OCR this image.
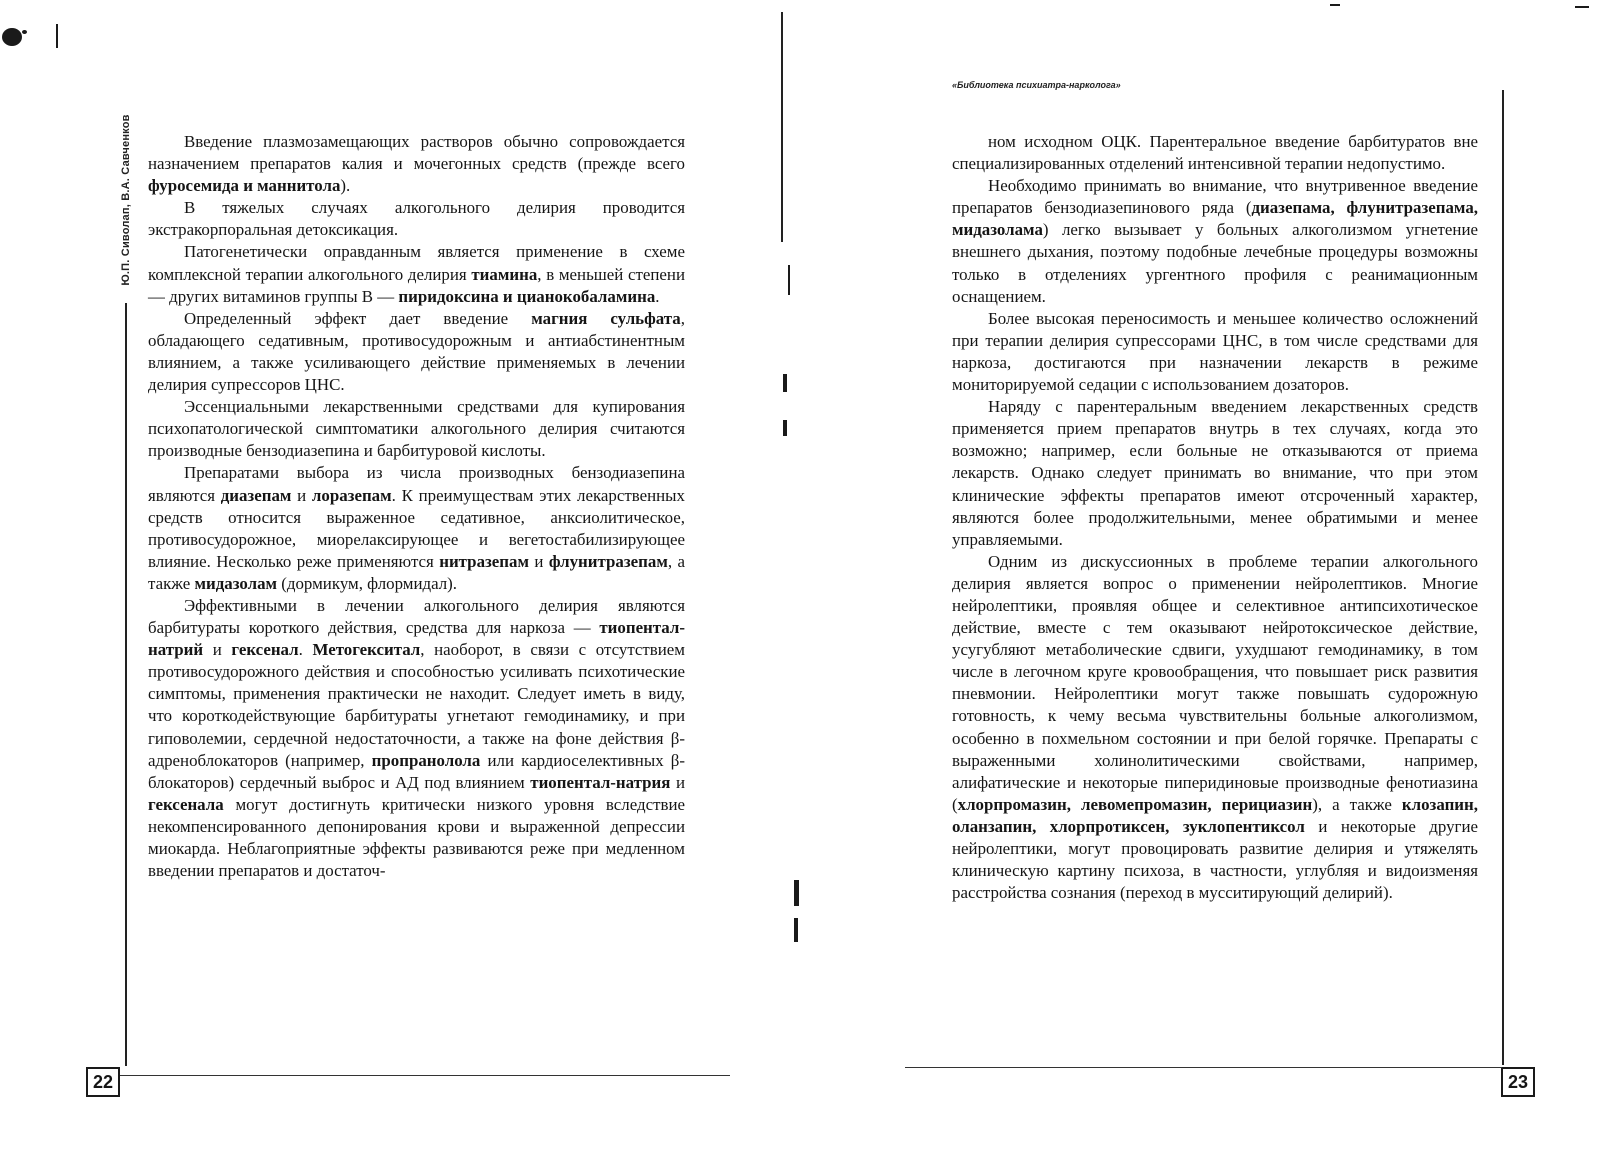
Ю.П. Сиволап, В.А. Савченков	Введение плазмозамещающих растворов обычно сопровождается назначением препаратов калия и мочегонных средств (прежде всего фуросемида и маннитола).

В тяжелых случаях алкогольного делирия проводится экстракорпоральная детоксикация.

Патогенетически оправданным является применение в схеме комплексной терапии алкогольного делирия тиамина, в меньшей степени — других витаминов группы В — пиридоксина и цианокобаламина.

Определенный эффект дает введение магния сульфата, обладающего седативным, противосудорожным и антиабстинентным влиянием, а также усиливающего действие применяемых в лечении делирия супрессоров ЦНС.

Эссенциальными лекарственными средствами для купирования психопатологической симптоматики алкогольного делирия считаются производные бензодиазепина и барбитуровой кислоты.

Препаратами выбора из числа производных бензодиазепина являются диазепам и лоразепам. К преимуществам этих лекарственных средств относится выраженное седативное, анксиолитическое, противосудорожное, миорелаксирующее и вегетостабилизирующее влияние. Несколько реже применяются нитразепам и флунитразепам, а также мидазолам (дормикум, флормидал).

Эффективными в лечении алкогольного делирия являются барбитураты короткого действия, средства для наркоза — тиопентал-натрий и гексенал. Метогекситал, наоборот, в связи с отсутствием противосудорожного действия и способностью усиливать психотические симптомы, применения практически не находит. Следует иметь в виду, что короткодействующие барбитураты угнетают гемодинамику, и при гиповолемии, сердечной недостаточности, а также на фоне действия β-адреноблокаторов (например, пропранолола или кардиоселективных β-блокаторов) сердечный выброс и АД под влиянием тиопентал-натрия и гексенала могут достигнуть критически низкого уровня вследствие некомпенсированного депонирования крови и выраженной депрессии миокарда. Неблагоприятные эффекты развиваются реже при медленном введении препаратов и достаточ-

22
«Библиотека психиатра-нарколога»

ном исходном ОЦК. Парентеральное введение барбитуратов вне специализированных отделений интенсивной терапии недопустимо.

Необходимо принимать во внимание, что внутривенное введение препаратов бензодиазепинового ряда (диазепама, флунитразепама, мидазолама) легко вызывает у больных алкоголизмом угнетение внешнего дыхания, поэтому подобные лечебные процедуры возможны только в отделениях ургентного профиля с реанимационным оснащением.

Более высокая переносимость и меньшее количество осложнений при терапии делирия супрессорами ЦНС, в том числе средствами для наркоза, достигаются при назначении лекарств в режиме мониторируемой седации с использованием дозаторов.

Наряду с парентеральным введением лекарственных средств применяется прием препаратов внутрь в тех случаях, когда это возможно; например, если больные не отказываются от приема лекарств. Однако следует принимать во внимание, что при этом клинические эффекты препаратов имеют отсроченный характер, являются более продолжительными, менее обратимыми и менее управляемыми.

Одним из дискуссионных в проблеме терапии алкогольного делирия является вопрос о применении нейролептиков. Многие нейролептики, проявляя общее и селективное антипсихотическое действие, вместе с тем оказывают нейротоксическое действие, усугубляют метаболические сдвиги, ухудшают гемодинамику, в том числе в легочном круге кровообращения, что повышает риск развития пневмонии. Нейролептики могут также повышать судорожную готовность, к чему весьма чувствительны больные алкоголизмом, особенно в похмельном состоянии и при белой горячке. Препараты с выраженными холинолитическими свойствами, например, алифатические и некоторые пиперидиновые производные фенотиазина (хлорпромазин, левомепромазин, перициазин), а также клозапин, оланзапин, хлорпротиксен, зуклопентиксол и некоторые другие нейролептики, могут провоцировать развитие делирия и утяжелять клиническую картину психоза, в частности, углубляя и видоизменяя расстройства сознания (переход в мусситирующий делирий).

23
